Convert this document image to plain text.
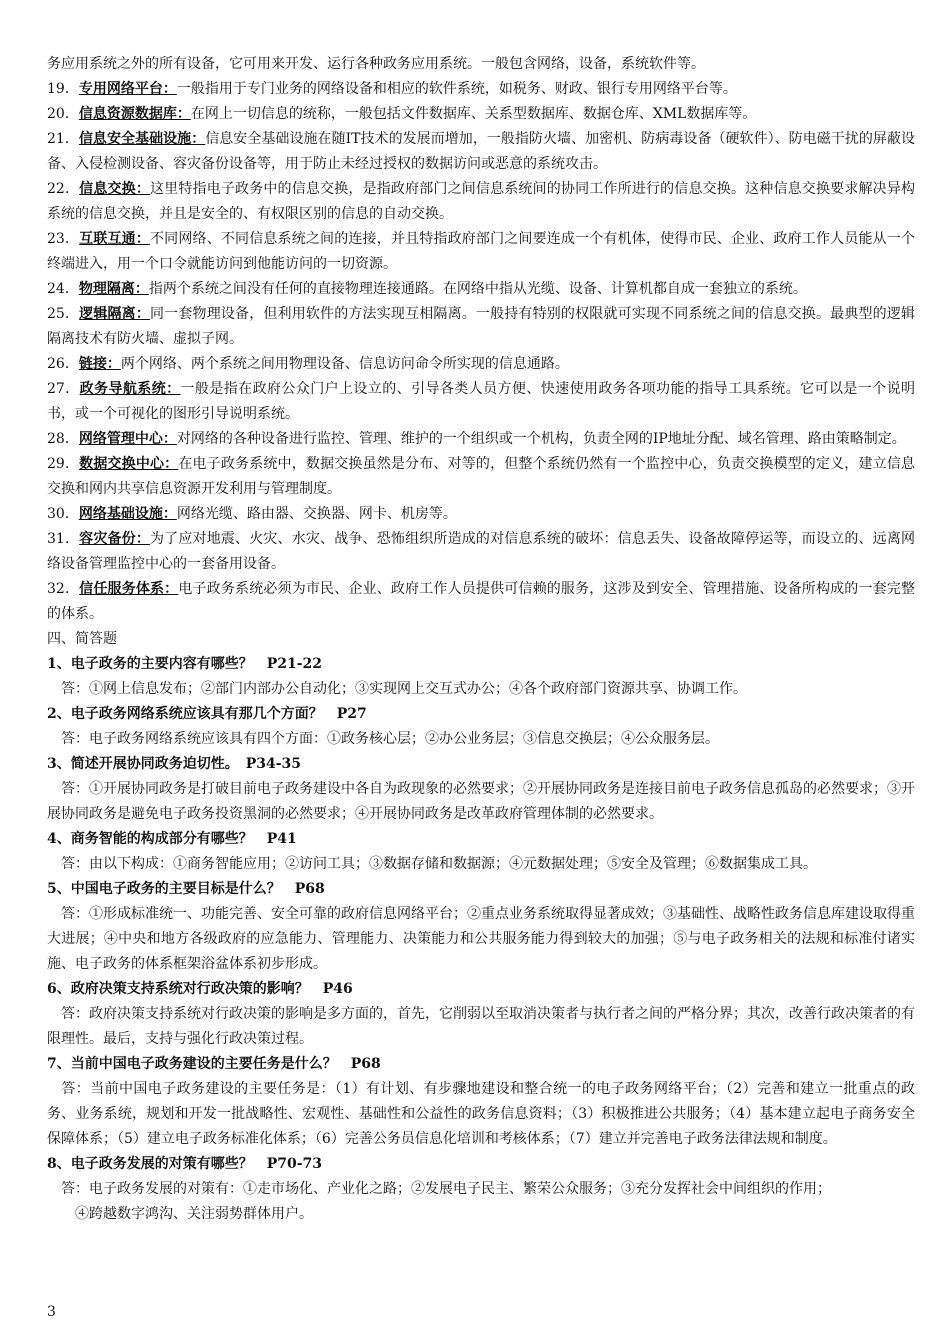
务应用系统之外的所有设备，它可用来开发、运行各种政务应用系统。一般包含网络，设备，系统软件等。

19．专用网络平台：一般指用于专门业务的网络设备和相应的软件系统，如税务、财政、银行专用网络平台等。

20．信息资源数据库：在网上一切信息的统称，一般包括文件数据库、关系型数据库、数据仓库、XML数据库等。

21．信息安全基础设施：信息安全基础设施在随IT技术的发展而增加，一般指防火墙、加密机、防病毒设备（硬软件）、防电磁干扰的屏蔽设备、入侵检测设备、容灾备份设备等，用于防止未经过授权的数据访问或恶意的系统攻击。

22．信息交换：这里特指电子政务中的信息交换，是指政府部门之间信息系统间的协同工作所进行的信息交换。这种信息交换要求解决异构系统的信息交换，并且是安全的、有权限区别的信息的自动交换。

23．互联互通：不同网络、不同信息系统之间的连接，并且特指政府部门之间要连成一个有机体，使得市民、企业、政府工作人员能从一个终端进入，用一个口令就能访问到他能访问的一切资源。

24．物理隔离：指两个系统之间没有任何的直接物理连接通路。在网络中指从光缆、设备、计算机都自成一套独立的系统。

25．逻辑隔离：同一套物理设备，但利用软件的方法实现互相隔离。一般持有特别的权限就可实现不同系统之间的信息交换。最典型的逻辑隔离技术有防火墙、虚拟子网。

26．链接：两个网络、两个系统之间用物理设备、信息访问命令所实现的信息通路。

27．政务导航系统：一般是指在政府公众门户上设立的、引导各类人员方便、快速使用政务各项功能的指导工具系统。它可以是一个说明书，或一个可视化的图形引导说明系统。

28．网络管理中心：对网络的各种设备进行监控、管理、维护的一个组织或一个机构，负责全网的IP地址分配、域名管理、路由策略制定。

29．数据交换中心：在电子政务系统中，数据交换虽然是分布、对等的，但整个系统仍然有一个监控中心，负责交换模型的定义，建立信息交换和网内共享信息资源开发利用与管理制度。

30．网络基础设施：网络光缆、路由器、交换器、网卡、机房等。

31．容灾备份：为了应对地震、火灾、水灾、战争、恐怖组织所造成的对信息系统的破坏：信息丢失、设备故障停运等，而设立的、远离网络设备管理监控中心的一套备用设备。

32．信任服务体系：电子政务系统必须为市民、企业、政府工作人员提供可信赖的服务，这涉及到安全、管理措施、设备所构成的一套完整的体系。

四、简答题

1、电子政务的主要内容有哪些？　P21-22

　答：①网上信息发布；②部门内部办公自动化；③实现网上交互式办公；④各个政府部门资源共享、协调工作。

2、电子政务网络系统应该具有那几个方面？　P27

　答：电子政务网络系统应该具有四个方面：①政务核心层；②办公业务层；③信息交换层；④公众服务层。

3、简述开展协同政务迫切性。　P34-35

　答：①开展协同政务是打破目前电子政务建设中各自为政现象的必然要求；②开展协同政务是连接目前电子政务信息孤岛的必然要求；③开展协同政务是避免电子政务投资黑洞的必然要求；④开展协同政务是改革政府管理体制的必然要求。

4、商务智能的构成部分有哪些？　P41

　答：由以下构成：①商务智能应用；②访问工具；③数据存储和数据源；④元数据处理；⑤安全及管理；⑥数据集成工具。

5、中国电子政务的主要目标是什么？　P68

　答：①形成标准统一、功能完善、安全可靠的政府信息网络平台；②重点业务系统取得显著成效；③基础性、战略性政务信息库建设取得重大进展；④中央和地方各级政府的应急能力、管理能力、决策能力和公共服务能力得到较大的加强；⑤与电子政务相关的法规和标准付诸实施、电子政务的体系框架浴盆体系初步形成。

6、政府决策支持系统对行政决策的影响？　P46

　答：政府决策支持系统对行政决策的影响是多方面的，首先，它削弱以至取消决策者与执行者之间的严格分界；其次，改善行政决策者的有限理性。最后，支持与强化行政决策过程。

7、当前中国电子政务建设的主要任务是什么？　P68

　答：当前中国电子政务建设的主要任务是：（1）有计划、有步骤地建设和整合统一的电子政务网络平台；（2）完善和建立一批重点的政务、业务系统，规划和开发一批战略性、宏观性、基础性和公益性的政务信息资料；（3）积极推进公共服务；（4）基本建立起电子商务安全保障体系；（5）建立电子政务标准化体系；（6）完善公务员信息化培训和考核体系；（7）建立并完善电子政务法律法规和制度。

8、电子政务发展的对策有哪些？　P70-73

　答：电子政务发展的对策有：①走市场化、产业化之路；②发展电子民主、繁荣公众服务；③充分发挥社会中间组织的作用；

　④跨越数字鸿沟、关注弱势群体用户。

3
